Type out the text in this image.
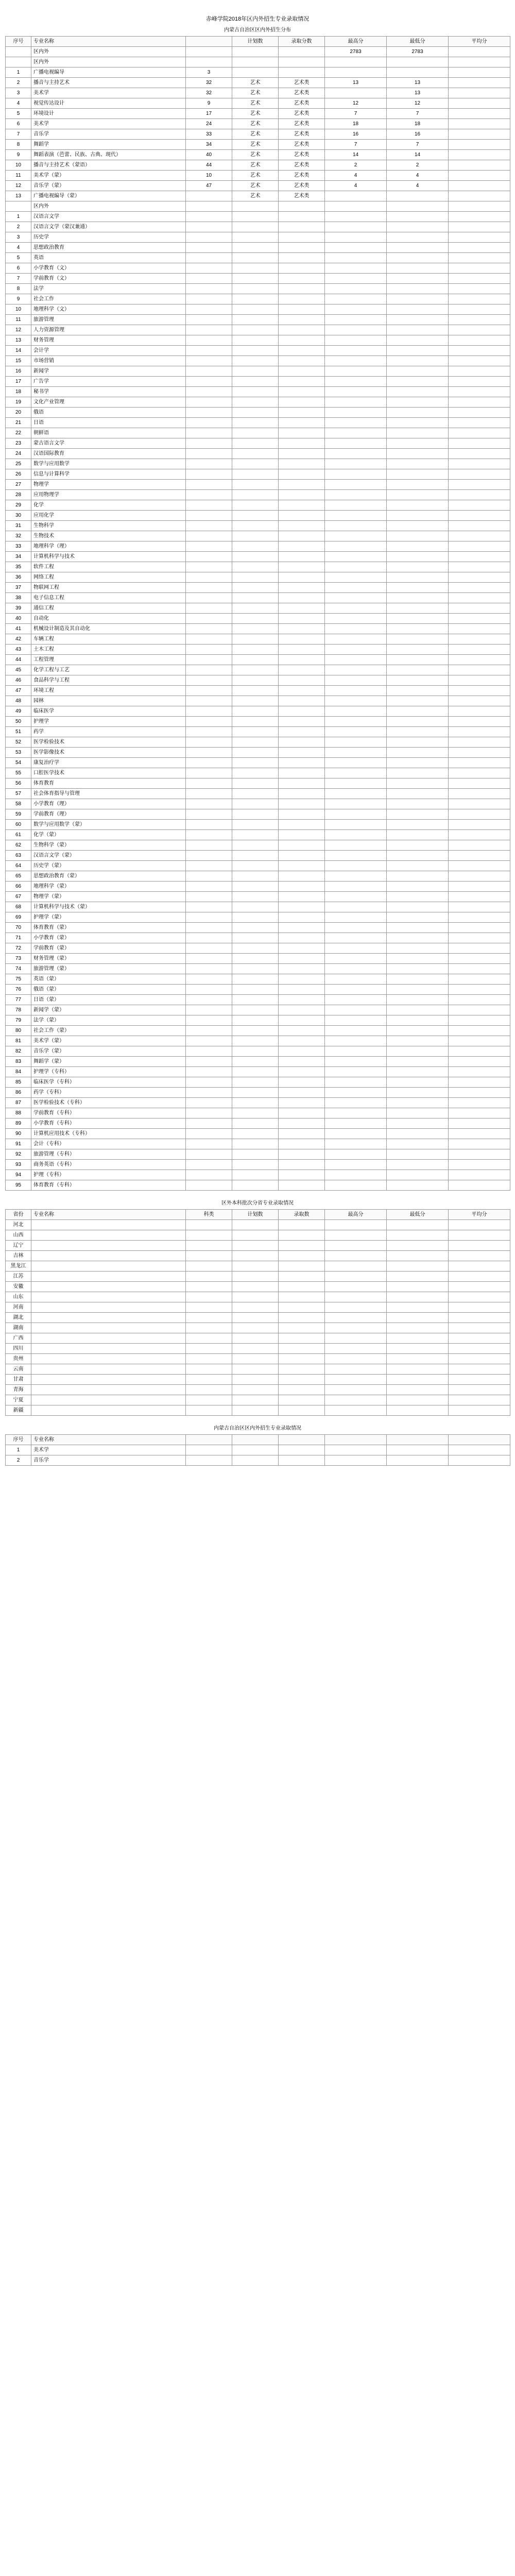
赤峰学院2018年区内外招生专业录取情况
内蒙古自治区区内外招生分布
序号	专业名称		计划数	录取分数	最高分	最低分	平均分
	区内外				2783	2783	
	区内外						
1	广播电视编导	3					
2	播音与主持艺术	32	艺术	艺术类	13	13	
3	美术学	32	艺术	艺术类		13	
4	视觉传达设计	9	艺术	艺术类	12	12	
5	环境设计	17	艺术	艺术类	7	7	
6	美术学	24	艺术	艺术类	18	18	
7	音乐学	33	艺术	艺术类	16	16	
8	舞蹈学	34	艺术	艺术类	7	7	
9	舞蹈表演（芭蕾、民族、古典、现代）	40	艺术	艺术类	14	14	
10	播音与主持艺术（蒙语）	44	艺术	艺术类	2	2	
11	美术学（蒙）	10	艺术	艺术类	4	4	
12	音乐学（蒙）	47	艺术	艺术类	4	4	
13	广播电视编导（蒙）		艺术	艺术类			
	区内外						
1	汉语言文学						
2	汉语言文学（蒙汉兼通）						
3	历史学						
4	思想政治教育						
5	英语						
6	小学教育（文）						
7	学前教育（文）						
8	法学						
9	社会工作						
10	地理科学（文）						
11	旅游管理						
12	人力资源管理						
13	财务管理						
14	会计学						
15	市场营销						
16	新闻学						
17	广告学						
18	秘书学						
19	文化产业管理						
20	俄语						
21	日语						
22	朝鲜语						
23	蒙古语言文学						
24	汉语国际教育						
25	数学与应用数学						
26	信息与计算科学						
27	物理学						
28	应用物理学						
29	化学						
30	应用化学						
31	生物科学						
32	生物技术						
33	地理科学（理）						
34	计算机科学与技术						
35	软件工程						
36	网络工程						
37	物联网工程						
38	电子信息工程						
39	通信工程						
40	自动化						
41	机械设计制造及其自动化						
42	车辆工程						
43	土木工程						
44	工程管理						
45	化学工程与工艺						
46	食品科学与工程						
47	环境工程						
48	园林						
49	临床医学						
50	护理学						
51	药学						
52	医学检验技术						
53	医学影像技术						
54	康复治疗学						
55	口腔医学技术						
56	体育教育						
57	社会体育指导与管理						
58	小学教育（理）						
59	学前教育（理）						
60	数学与应用数学（蒙）						
61	化学（蒙）						
62	生物科学（蒙）						
63	汉语言文学（蒙）						
64	历史学（蒙）						
65	思想政治教育（蒙）						
66	地理科学（蒙）						
67	物理学（蒙）						
68	计算机科学与技术（蒙）						
69	护理学（蒙）						
70	体育教育（蒙）						
71	小学教育（蒙）						
72	学前教育（蒙）						
73	财务管理（蒙）						
74	旅游管理（蒙）						
75	英语（蒙）						
76	俄语（蒙）						
77	日语（蒙）						
78	新闻学（蒙）						
79	法学（蒙）						
80	社会工作（蒙）						
81	美术学（蒙）						
82	音乐学（蒙）						
83	舞蹈学（蒙）						
84	护理学（专科）						
85	临床医学（专科）						
86	药学（专科）						
87	医学检验技术（专科）						
88	学前教育（专科）						
89	小学教育（专科）						
90	计算机应用技术（专科）						
91	会计（专科）						
92	旅游管理（专科）						
93	商务英语（专科）						
94	护理（专科）						
95	体育教育（专科）						
区外本科批次分省专业录取情况
省份	专业名称	科类	计划数	录取数	最高分	最低分	平均分
河北							
山西							
辽宁							
吉林							
黑龙江							
江苏							
安徽							
山东							
河南							
湖北							
湖南							
广西							
四川							
贵州							
云南							
甘肃							
青海							
宁夏							
新疆							
内蒙古自治区区内外招生专业录取情况
序号	专业名称						
1	美术学						
2	音乐学						
